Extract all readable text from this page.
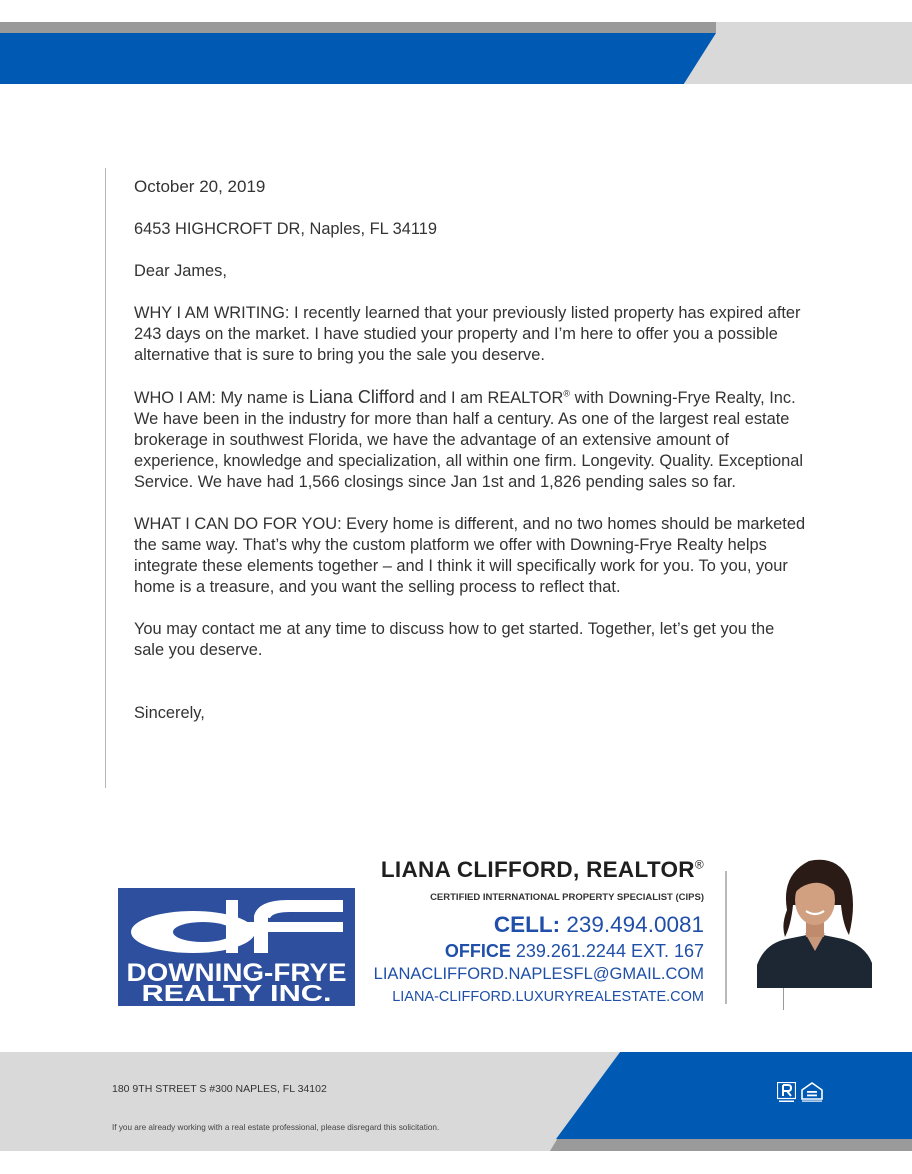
October 20, 2019

6453 HIGHCROFT DR, Naples, FL 34119

Dear James,

WHY I AM WRITING: I recently learned that your previously listed property has expired after 243 days on the market. I have studied your property and I’m here to offer you a possible alternative that is sure to bring you the sale you deserve.

WHO I AM: My name is Liana Clifford and I am REALTOR® with Downing-Frye Realty, Inc. We have been in the industry for more than half a century. As one of the largest real estate brokerage in southwest Florida, we have the advantage of an extensive amount of experience, knowledge and specialization, all within one firm. Longevity. Quality. Exceptional Service. We have had 1,566 closings since Jan 1st and 1,826 pending sales so far.

WHAT I CAN DO FOR YOU: Every home is different, and no two homes should be marketed the same way. That’s why the custom platform we offer with Downing-Frye Realty helps integrate these elements together – and I think it will specifically work for you. To you, your home is a treasure, and you want the selling process to reflect that.

You may contact me at any time to discuss how to get started. Together, let’s get you the sale you deserve.

Sincerely,

DOWNING-FRYE
REALTY INC.
LIANA CLIFFORD, REALTOR®
CERTIFIED INTERNATIONAL PROPERTY SPECIALIST (CIPS)
CELL: 239.494.0081
OFFICE 239.261.2244 EXT. 167
LIANACLIFFORD.NAPLESFL@GMAIL.COM
LIANA-CLIFFORD.LUXURYREALESTATE.COM
180 9TH STREET S #300 NAPLES, FL 34102
If you are already working with a real estate professional, please disregard this solicitation.
